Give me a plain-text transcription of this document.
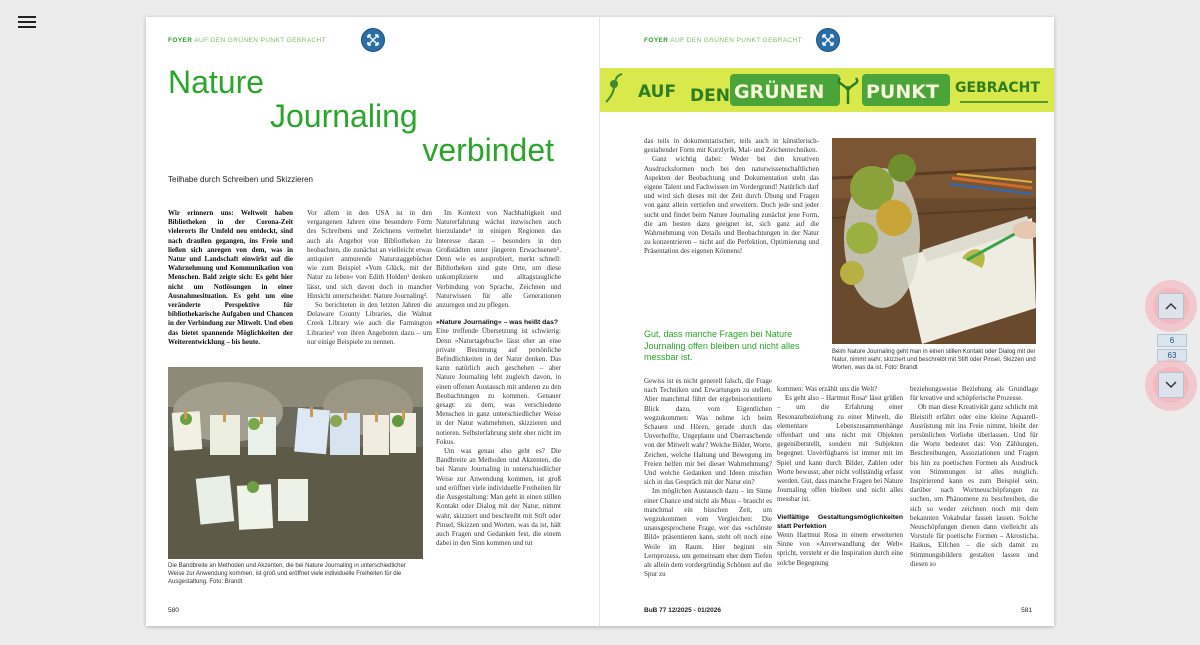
FOYER AUF DEN GRÜNEN PUNKT GEBRACHT
Nature
Journaling
verbindet
Teilhabe durch Schreiben und Skizzieren

Wir erinnern uns: Weltweit haben Bibliotheken in der Corona-Zeit vielerorts ihr Umfeld neu entdeckt, sind nach draußen gegangen, ins Freie und ließen sich anregen von dem, was in Natur und Landschaft einwirkt auf die Wahrnehmung und Kommunikation von Menschen. Bald zeigte sich: Es geht hier nicht um Notlösungen in einer Ausnahmesituation. Es geht um eine veränderte Perspektive für bibliothekarische Aufgaben und Chancen in der Verbindung zur Mitwelt. Und eben das bietet spannende Möglichkeiten der Weiterentwicklung – bis heute.

Vor allem in den USA ist in den vergangenen Jahren eine besondere Form des Schreibens und Zeichnens vermehrt auch als Angebot von Bibliotheken zu beobachten, die zunächst an vielleicht etwas antiquiert anmutende Naturstaggebücher wie zum Beispiel »Vom Glück, mit der Natur zu leben« von Edith Holden¹ denken lässt, und sich davon doch in mancher Hinsicht unterscheidet: Nature Journaling².

So berichteten in den letzten Jahren die Delaware County Libraries, die Walnut Creek Library wie auch die Farmington Libraries³ von ihren Angeboten dazu – um nur einige Beispiele zu nennen.

Im Kontext von Nachhaltigkeit und Naturerfahrung wächst inzwischen auch hierzulande⁴ in einigen Regionen das Interesse daran – besonders in den Großstädten unter jüngeren Erwachsenen⁵. Denn wie es ausprobiert, merkt schnell: Bibliotheken sind gute Orte, um diese unkomplizierte und alltagstaugliche Verbindung von Sprache, Zeichnen und Naturwissen für alle Generationen anzuregen und zu pflegen.

»Nature Journaling« – was heißt das?

Eine treffende Übersetzung ist schwierig: Denn »Naturtagebuch« lässt eher an eine private Besinnung auf persönliche Befindlichkeiten in der Natur denken. Das kann natürlich auch geschehen – aber Nature Journaling lebt zugleich davon, in einen offenen Austausch mit anderen zu den Beobachtungen zu kommen. Genauer gesagt: zu dem, was verschiedene Menschen in ganz unterschiedlicher Weise in der Natur wahrnehmen, skizzieren und notieren. Selbsterfahrung steht eher nicht im Fokus.

Um was genau also geht es? Die Bandbreite an Methoden und Akzenten, die bei Nature Journaling in unterschiedlicher Weise zur Anwendung kommen, ist groß und eröffnet viele individuelle Freiheiten für die Ausgestaltung: Man geht in einen stillen Kontakt oder Dialog mit der Natur, nimmt wahr, skizziert und beschreibt mit Stift oder Pinsel, Skizzen und Worten, was da ist, hält auch Fragen und Gedanken fest, die einem dabei in den Sinn kommen und tut

Die Bandbreite an Methoden und Akzenten, die bei Nature Journaling in unterschiedlicher Weise zur Anwendung kommen, ist groß und eröffnet viele individuelle Freiheiten für die Ausgestaltung. Foto: Brandt
580
FOYER AUF DEN GRÜNEN PUNKT GEBRACHT
AUF DEN GRÜNEN PUNKT GEBRACHT

das teils in dokumentarischer, teils auch in künstlerisch-gestaltender Form mit Kurzlyrik, Mal- und Zeichentechniken.

Ganz wichtig dabei: Weder bei den kreativen Ausdrucksformen noch bei den naturwissenschaftlichen Aspekten der Beobachtung und Dokumentation steht das eigene Talent und Fachwissen im Vordergrund! Natürlich darf und wird sich dieses mit der Zeit durch Übung und Fragen von ganz allein vertiefen und erweitern. Doch jede und jeder sucht und findet beim Nature Journaling zunächst jene Form, die am besten dazu geeignet ist, sich ganz auf die Wahrnehmung von Details und Beobachtungen in der Natur zu konzentrieren – nicht auf die Perfektion, Optimierung und Präsentation des eigenen Könnens!

Gut, dass manche Fragen bei Nature Journaling offen bleiben und nicht alles messbar ist.

Gewiss ist es nicht generell falsch, die Frage nach Techniken und Erwartungen zu stellen. Aber manchmal führt der ergebnisorientierte Blick dazu, vom Eigentlichen wegzukommen: Was nehme ich beim Schauen und Hören, gerade durch das Unverhoffte, Ungeplante und Überraschende von der Mitwelt wahr? Welche Bilder, Worte, Zeichen, welche Haltung und Bewegung im Freien helfen mir bei dieser Wahrnehmung? Und welche Gedanken und Ideen mischen sich in das Gespräch mit der Natur ein?

Im möglichen Austausch dazu – im Sinne einer Chance und nicht als Muss – braucht es manchmal ein bisschen Zeit, um wegzukommen vom Vergleichen: Die unausgesprochene Frage, wer das »schönste Bild« präsentieren kann, steht oft noch eine Weile im Raum. Hier beginnt ein Lernprozess, um gemeinsam eher dem Tiefen als allein dem vordergründig Schönen auf die Spur zu

Beim Nature Journaling geht man in einen stillen Kontakt oder Dialog mit der Natur, nimmt wahr, skizziert und beschreibt mit Stift oder Pinsel, Skizzen und Worten, was da ist. Foto: Brandt

kommen: Was erzählt uns die Welt?

Es geht also – Hartmut Rosa⁶ lässt grüßen – um die Erfahrung einer Resonanzbeziehung zu einer Mitwelt, die elementare Lebenszusammenhänge offenbart und uns nicht mit Objekten gegenüberstellt, sondern mit Subjekten begegnet. Unverfügbares ist immer mit im Spiel und kann durch Bilder, Zahlen oder Worte bewusst, aber nicht vollständig erfasst werden. Gut, dass manche Fragen bei Nature Journaling offen bleiben und nicht alles messbar ist.

Vielfältige Gestaltungsmöglichkeiten statt Perfektion

Wenn Hartmut Rosa in einem erweiterten Sinne von »Anverwandlung der Welt« spricht, versteht er die Inspiration durch eine solche Begegnung

beziehungsweise Beziehung als Grundlage für kreative und schöpferische Prozesse.

Ob man diese Kreativität ganz schlicht mit Bleistift erfährt oder eine kleine Aquarell-Ausrüstung mit ins Freie nimmt, bleibt der persönlichen Vorliebe überlassen. Und für die Worte bedeutet das: Von Zählungen, Beschreibungen, Assoziationen und Fragen bis hin zu poetischen Formen als Ausdruck von Stimmungen ist alles möglich. Inspirierend kann es zum Beispiel sein, darüber nach Wortneuschöpfungen zu suchen, um Phänomene zu beschreiben, die sich so weder zeichnen noch mit dem bekannten Vokabular fassen lassen. Solche Neuschöpfungen dienen dann vielleicht als Vorstufe für poetische Formen – Akrosticha, Haikus, Elfchen – die sich damit zu Stimmungsbildern gestalten lassen und diesen so

BuB 77 12/2025 - 01/2026	581
6
63
